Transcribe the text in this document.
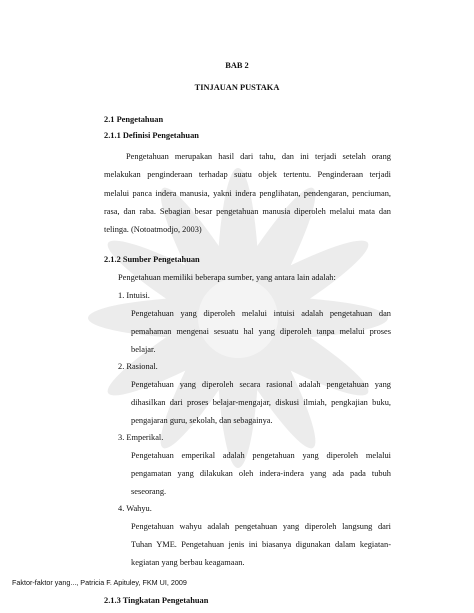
BAB 2
TINJAUAN PUSTAKA
2.1 Pengetahuan
2.1.1 Definisi Pengetahuan
Pengetahuan merupakan hasil dari tahu, dan ini terjadi setelah orang
melakukan penginderaan terhadap suatu objek tertentu. Penginderaan terjadi
melalui panca indera manusia, yakni indera penglihatan, pendengaran, penciuman,
rasa, dan raba. Sebagian besar pengetahuan manusia diperoleh melalui mata dan
telinga. (Notoatmodjo, 2003)
2.1.2 Sumber Pengetahuan
Pengetahuan memiliki beberapa sumber, yang antara lain adalah:
1. Intuisi.
Pengetahuan yang diperoleh melalui intuisi adalah pengetahuan dan
pemahaman mengenai sesuatu hal yang diperoleh tanpa melalui proses
belajar.
2. Rasional.
Pengetahuan yang diperoleh secara rasional adalah pengetahuan yang
dihasilkan dari proses belajar-mengajar, diskusi ilmiah, pengkajian buku,
pengajaran guru, sekolah, dan sebagainya.
3. Emperikal.
Pengetahuan emperikal adalah pengetahuan yang diperoleh melalui
pengamatan yang dilakukan oleh indera-indera yang ada pada tubuh
seseorang.
4. Wahyu.
Pengetahuan wahyu adalah pengetahuan yang diperoleh langsung dari
Tuhan YME. Pengetahuan jenis ini biasanya digunakan dalam kegiatan-
kegiatan yang berbau keagamaan.
2.1.3 Tingkatan Pengetahuan
Faktor-faktor yang..., Patricia F. Apituley, FKM UI, 2009
